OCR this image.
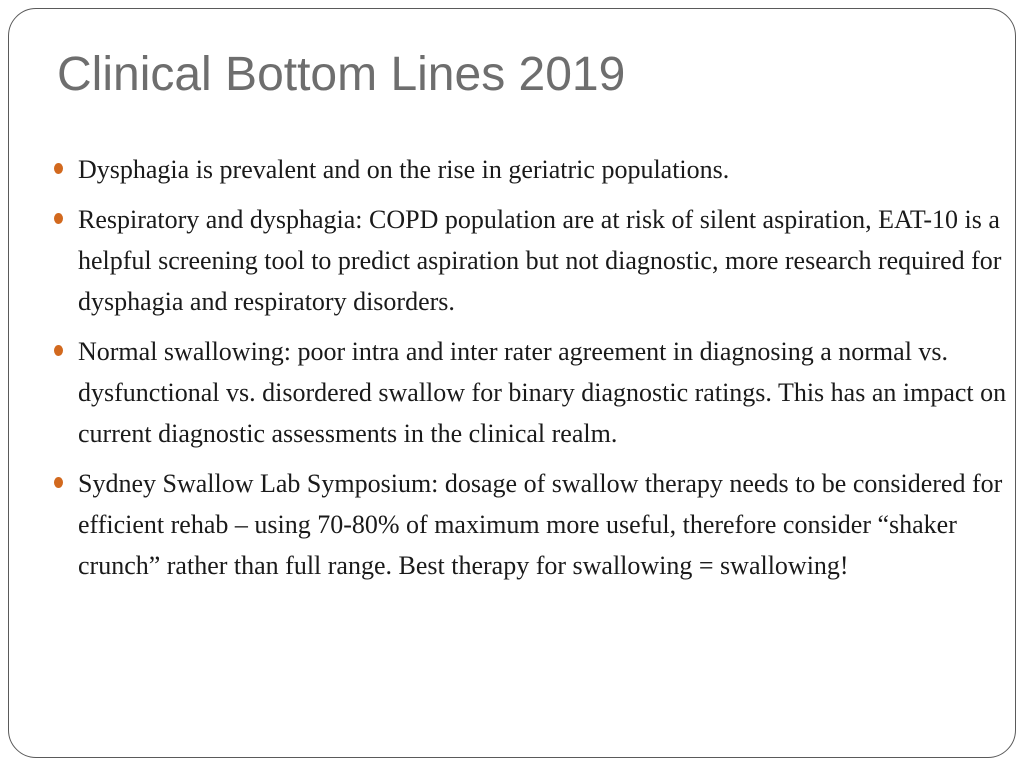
Clinical Bottom Lines 2019
Dysphagia is prevalent and on the rise in geriatric populations.
Respiratory and dysphagia: COPD population are at risk of silent aspiration, EAT-10 is a helpful screening tool to predict aspiration but not diagnostic, more research required for dysphagia and respiratory disorders.
Normal swallowing: poor intra and inter rater agreement in diagnosing a normal vs. dysfunctional vs. disordered swallow for binary diagnostic ratings. This has an impact on current diagnostic assessments in the clinical realm.
Sydney Swallow Lab Symposium: dosage of swallow therapy needs to be considered for efficient rehab – using 70-80% of maximum more useful, therefore consider “shaker crunch” rather than full range. Best therapy for swallowing = swallowing!
